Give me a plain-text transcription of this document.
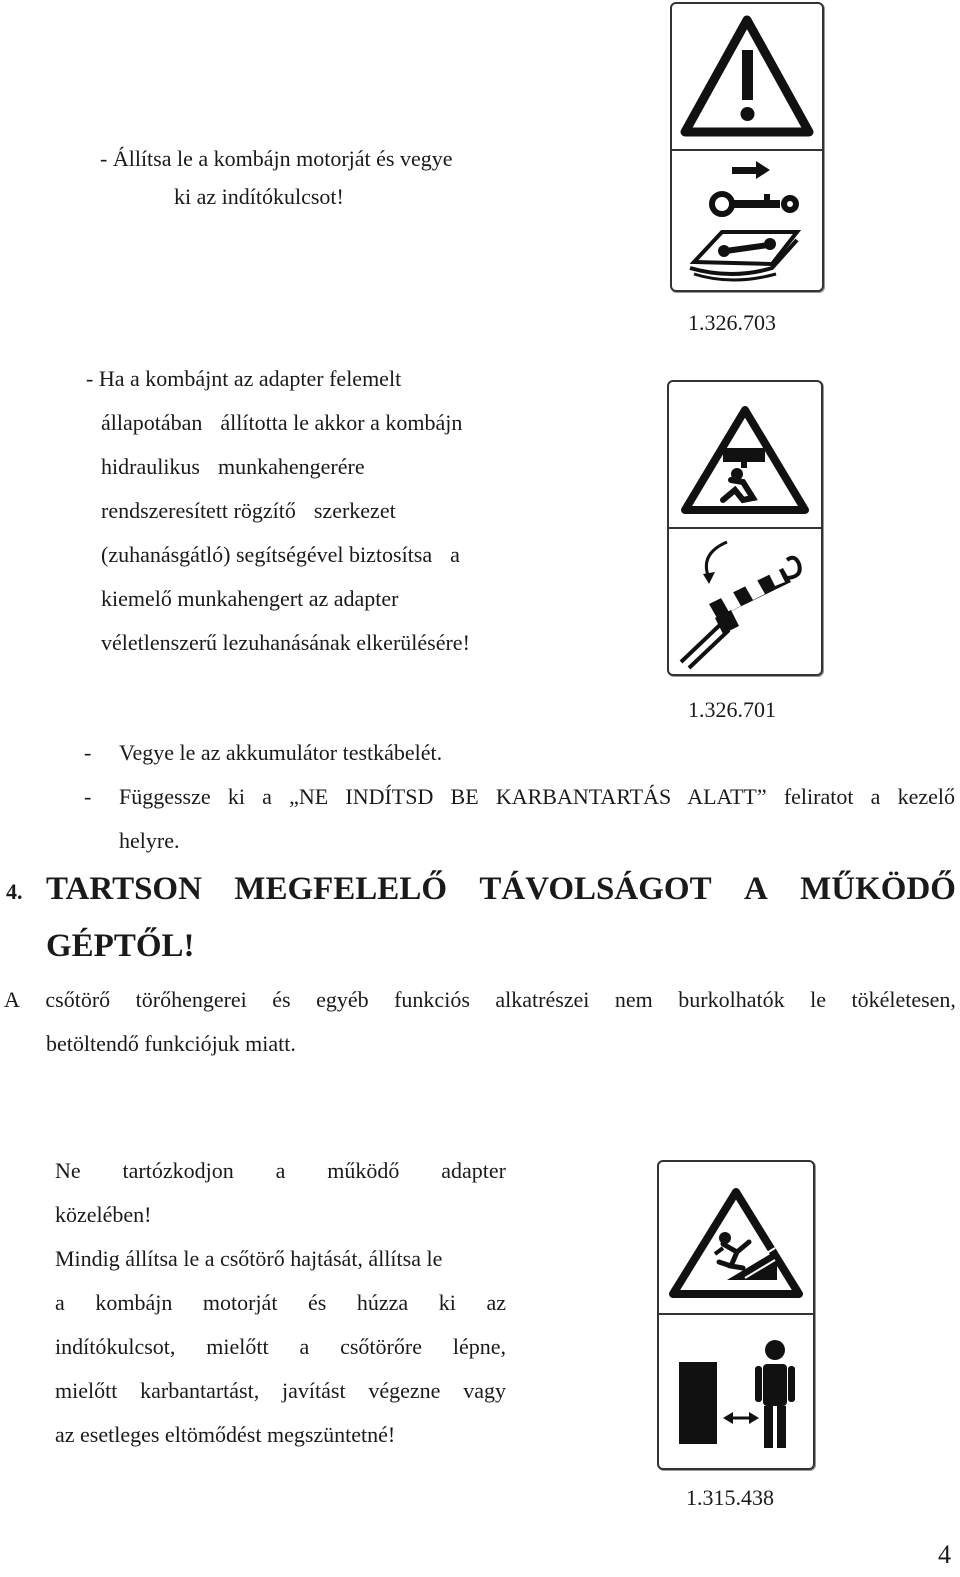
- Állítsa le a kombájn motorját és vegye
ki az indítókulcsot!
1.326.703
- Ha a kombájnt az adapter felemelt
állapotában állította le akkor a kombájn
hidraulikus munkahengerére
rendszeresített rögzítő szerkezet
(zuhanásgátló) segítségével biztosítsa a
kiemelő munkahengert az adapter
véletlenszerű lezuhanásának elkerülésére!
1.326.701
- Vegye le az akkumulátor testkábelét.
- Függessze ki a „NE INDÍTSD BE KARBANTARTÁS ALATT” feliratot a kezelő
helyre.
4. TARTSON MEGFELELŐ TÁVOLSÁGOT A MŰKÖDŐ
GÉPTŐL!
A csőtörő törőhengerei és egyéb funkciós alkatrészei nem burkolhatók le tökéletesen,
betöltendő funkciójuk miatt.
Ne tartózkodjon a működő adapter
közelében!
Mindig állítsa le a csőtörő hajtását, állítsa le
a kombájn motorját és húzza ki az
indítókulcsot, mielőtt a csőtörőre lépne,
mielőtt karbantartást, javítást végezne vagy
az esetleges eltömődést megszüntetné!
1.315.438
4
